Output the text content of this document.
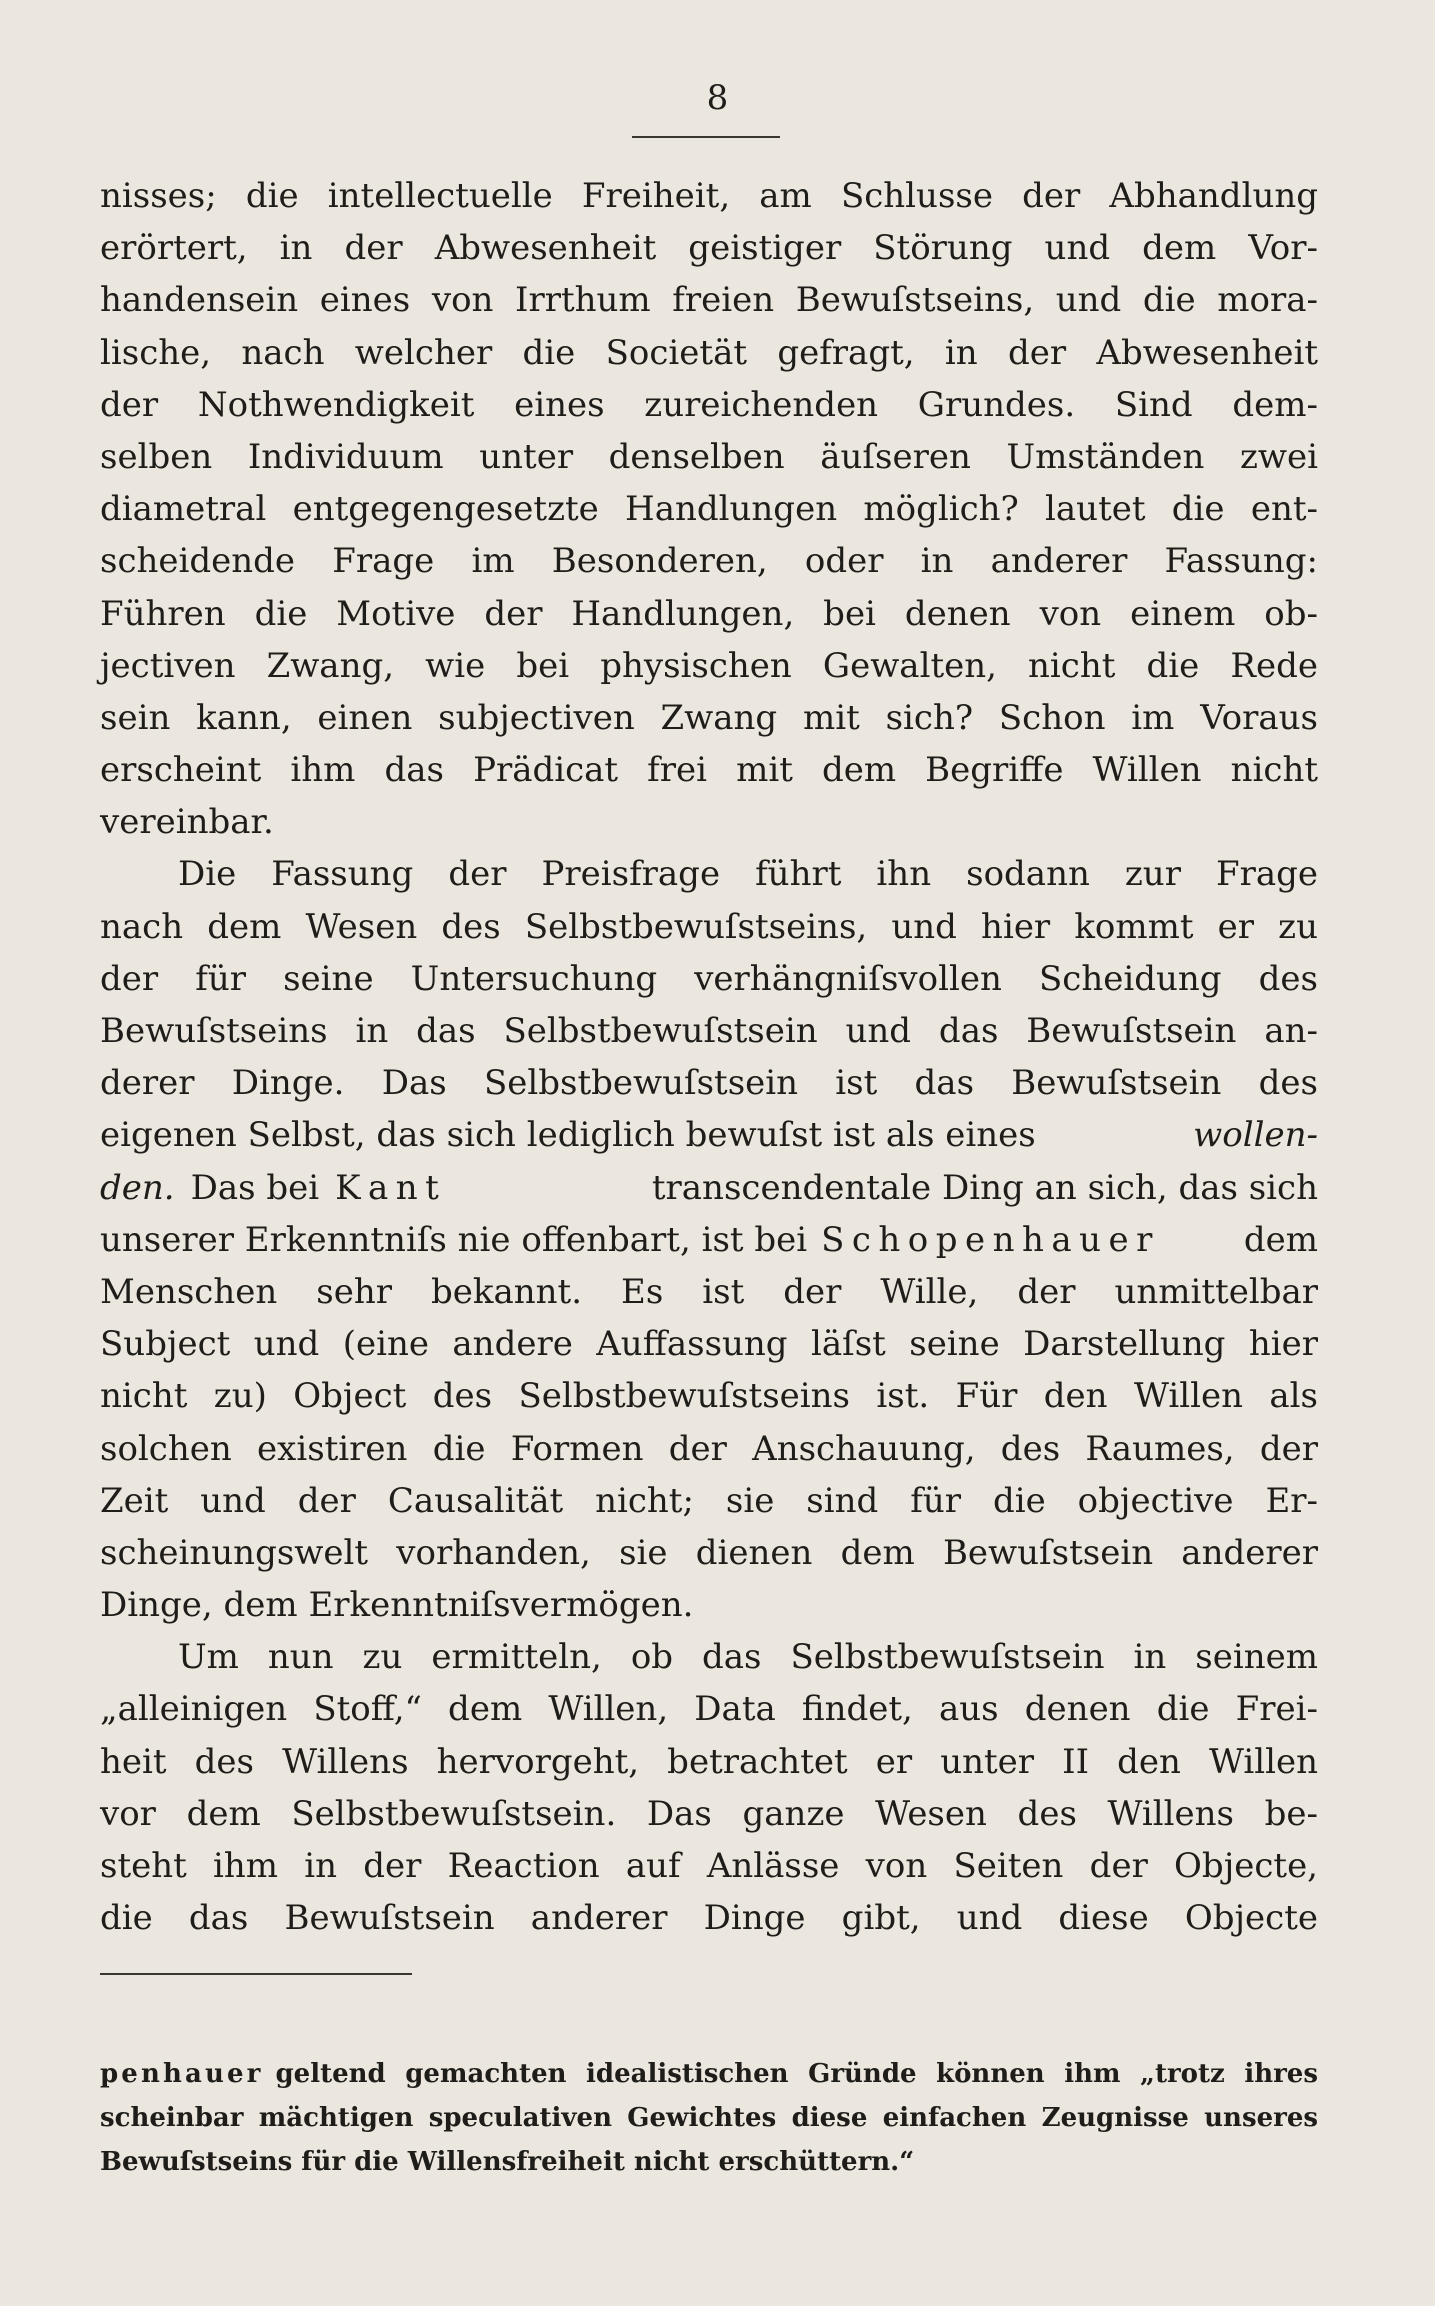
8
nisses; die intellectuelle Freiheit, am Schlusse der Abhandlung
erörtert, in der Abwesenheit geistiger Störung und dem Vor-
handensein eines von Irrthum freien Bewuſstseins, und die mora-
lische, nach welcher die Societät gefragt, in der Abwesenheit
der Nothwendigkeit eines zureichenden Grundes. Sind dem-
selben Individuum unter denselben äuſseren Umständen zwei
diametral entgegengesetzte Handlungen möglich? lautet die ent-
scheidende Frage im Besonderen, oder in anderer Fassung:
Führen die Motive der Handlungen, bei denen von einem ob-
jectiven Zwang, wie bei physischen Gewalten, nicht die Rede
sein kann, einen subjectiven Zwang mit sich? Schon im Voraus
erscheint ihm das Prädicat frei mit dem Begriffe Willen nicht
vereinbar.
Die Fassung der Preisfrage führt ihn sodann zur Frage
nach dem Wesen des Selbstbewuſstseins, und hier kommt er zu
der für seine Untersuchung verhängniſsvollen Scheidung des
Bewuſstseins in das Selbstbewuſstsein und das Bewuſstsein an-
derer Dinge. Das Selbstbewuſstsein ist das Bewuſstsein des
eigenen Selbst, das sich lediglich bewuſst ist als eines	wollen-
den. Das bei Kant	transcendentale Ding an sich, das sich
unserer Erkenntniſs nie offenbart, ist bei Schopenhauer	dem
Menschen sehr bekannt. Es ist der Wille, der unmittelbar
Subject und (eine andere Auffassung läſst seine Darstellung hier
nicht zu) Object des Selbstbewuſstseins ist. Für den Willen als
solchen existiren die Formen der Anschauung, des Raumes, der
Zeit und der Causalität nicht; sie sind für die objective Er-
scheinungswelt vorhanden, sie dienen dem Bewuſstsein anderer
Dinge, dem Erkenntniſsvermögen.
Um nun zu ermitteln, ob das Selbstbewuſstsein in seinem
„alleinigen Stoff,“ dem Willen, Data findet, aus denen die Frei-
heit des Willens hervorgeht, betrachtet er unter II den Willen
vor dem Selbstbewuſstsein. Das ganze Wesen des Willens be-
steht ihm in der Reaction auf Anlässe von Seiten der Objecte,
die das Bewuſstsein anderer Dinge gibt, und diese Objecte
penhauer geltend gemachten idealistischen Gründe können ihm „trotz ihres
scheinbar mächtigen speculativen Gewichtes diese einfachen Zeugnisse unseres
Bewuſstseins für die Willensfreiheit nicht erschüttern.“
